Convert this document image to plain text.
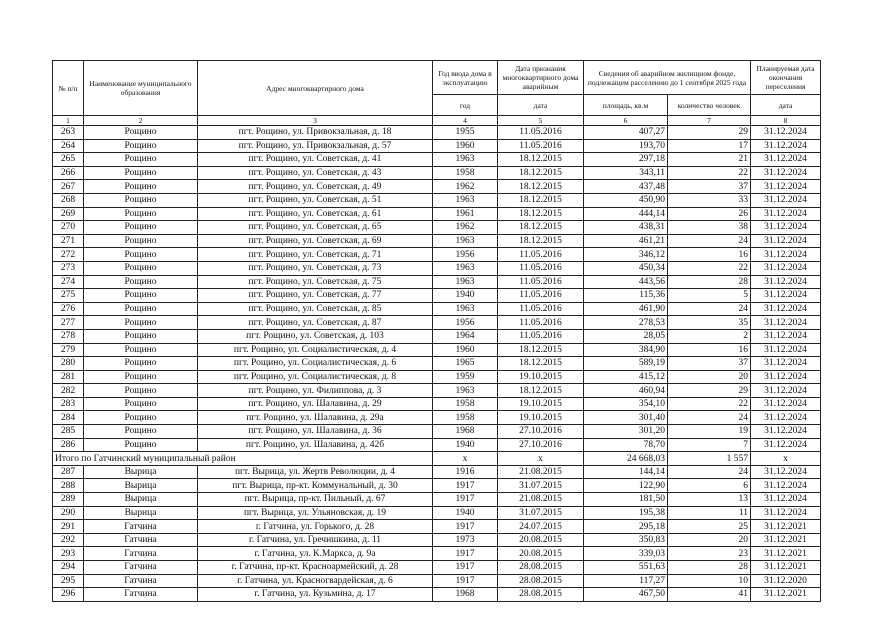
№ п/п	Наименование муниципального образования	Адрес многоквартирного дома	Год ввода дома в эксплуатацию	Дата признания многоквартирного дома аварийным	Сведения об аварийном жилищном фонде, подлежащем расселению до 1 сентября 2025 года		Планируемая дата окончания переселения
			год	дата	площадь, кв.м	количество человек	дата
1	2	3	4	5	6	7	8
263	Рощино	пгт. Рощино, ул. Привокзальная, д. 18	1955	11.05.2016	407,27	29	31.12.2024
264	Рощино	пгт. Рощино, ул. Привокзальная, д. 57	1960	11.05.2016	193,70	17	31.12.2024
265	Рощино	пгт. Рощино, ул. Советская, д. 41	1963	18.12.2015	297,18	21	31.12.2024
266	Рощино	пгт. Рощино, ул. Советская, д. 43	1958	18.12.2015	343,11	22	31.12.2024
267	Рощино	пгт. Рощино, ул. Советская, д. 49	1962	18.12.2015	437,48	37	31.12.2024
268	Рощино	пгт. Рощино, ул. Советская, д. 51	1963	18.12.2015	450,90	33	31.12.2024
269	Рощино	пгт. Рощино, ул. Советская, д. 61	1961	18.12.2015	444,14	26	31.12.2024
270	Рощино	пгт. Рощино, ул. Советская, д. 65	1962	18.12.2015	438,31	38	31.12.2024
271	Рощино	пгт. Рощино, ул. Советская, д. 69	1963	18.12.2015	461,21	24	31.12.2024
272	Рощино	пгт. Рощино, ул. Советская, д. 71	1956	11.05.2016	346,12	16	31.12.2024
273	Рощино	пгт. Рощино, ул. Советская, д. 73	1963	11.05.2016	450,34	22	31.12.2024
274	Рощино	пгт. Рощино, ул. Советская, д. 75	1963	11.05.2016	443,56	28	31.12.2024
275	Рощино	пгт. Рощино, ул. Советская, д. 77	1940	11.05.2016	115,36	5	31.12.2024
276	Рощино	пгт. Рощино, ул. Советская, д. 85	1963	11.05.2016	461,90	24	31.12.2024
277	Рощино	пгт. Рощино, ул. Советская, д. 87	1956	11.05.2016	278,53	35	31.12.2024
278	Рощино	пгт. Рощино, ул. Советская, д. 103	1964	11.05.2016	28,05	2	31.12.2024
279	Рощино	пгт. Рощино, ул. Социалистическая, д. 4	1960	18.12.2015	384,90	16	31.12.2024
280	Рощино	пгт. Рощино, ул. Социалистическая, д. 6	1965	18.12.2015	589,19	37	31.12.2024
281	Рощино	пгт. Рощино, ул. Социалистическая, д. 8	1959	19.10.2015	415,12	20	31.12.2024
282	Рощино	пгт. Рощино, ул. Филиппова, д. 3	1963	18.12.2015	460,94	29	31.12.2024
283	Рощино	пгт. Рощино, ул. Шалавина, д. 29	1958	19.10.2015	354,10	22	31.12.2024
284	Рощино	пгт. Рощино, ул. Шалавина, д. 29а	1958	19.10.2015	301,40	24	31.12.2024
285	Рощино	пгт. Рощино, ул. Шалавина, д. 36	1968	27.10.2016	301,20	19	31.12.2024
286	Рощино	пгт. Рощино, ул. Шалавина, д. 42б	1940	27.10.2016	78,70	7	31.12.2024
Итого по Гатчинский муниципальный район			х	х	24 668,03	1 557	х
287	Вырица	пгт. Вырица, ул. Жертв Революции, д. 4	1916	21.08.2015	144,14	24	31.12.2024
288	Вырица	пгт. Вырица, пр-кт. Коммунальный, д. 30	1917	31.07.2015	122,90	6	31.12.2024
289	Вырица	пгт. Вырица, пр-кт. Пильный, д. 67	1917	21.08.2015	181,50	13	31.12.2024
290	Вырица	пгт. Вырица, ул. Ульяновская, д. 19	1940	31.07.2015	195,38	11	31.12.2024
291	Гатчина	г. Гатчина, ул. Горького, д. 28	1917	24.07.2015	295,18	25	31.12.2021
292	Гатчина	г. Гатчина, ул. Гречишкина, д. 11	1973	20.08.2015	350,83	20	31.12.2021
293	Гатчина	г. Гатчина, ул. К.Маркса, д. 9а	1917	20.08.2015	339,03	23	31.12.2021
294	Гатчина	г. Гатчина, пр-кт. Красноармейский, д. 28	1917	28.08.2015	551,63	28	31.12.2021
295	Гатчина	г. Гатчина, ул. Красногвардейская, д. 6	1917	28.08.2015	117,27	10	31.12.2020
296	Гатчина	г. Гатчина, ул. Кузьмина, д. 17	1968	28.08.2015	467,50	41	31.12.2021
